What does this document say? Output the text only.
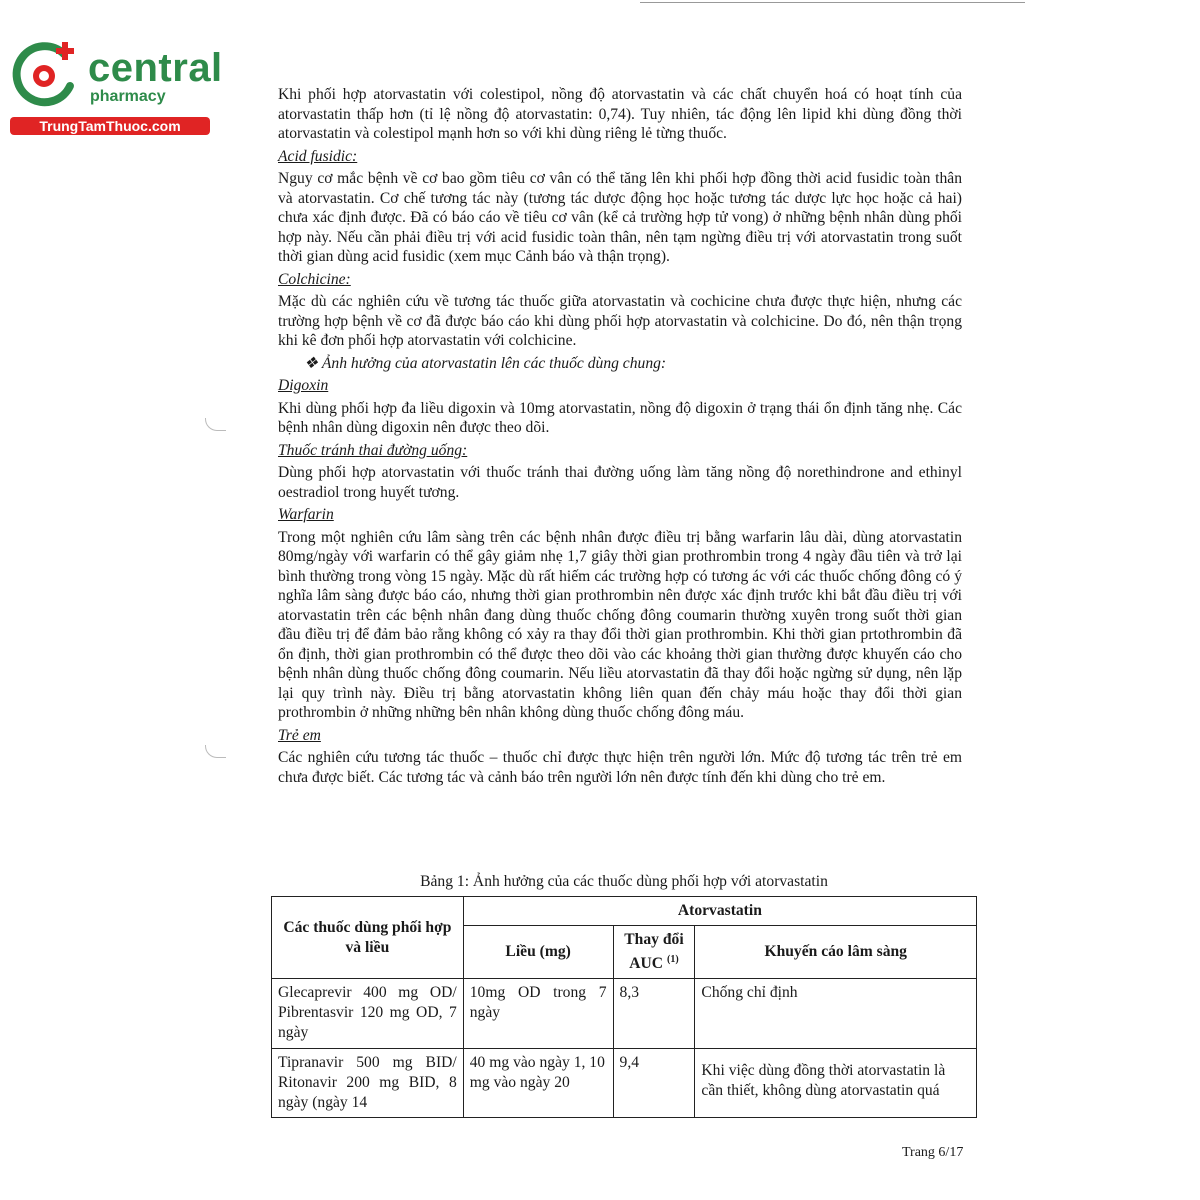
central
pharmacy
TrungTamThuoc.com

Khi phối hợp atorvastatin với colestipol, nồng độ atorvastatin và các chất chuyển hoá có hoạt tính của atorvastatin thấp hơn (tỉ lệ nồng độ atorvastatin: 0,74). Tuy nhiên, tác động lên lipid khi dùng đồng thời atorvastatin và colestipol mạnh hơn so với khi dùng riêng lẻ từng thuốc.

Acid fusidic:

Nguy cơ mắc bệnh về cơ bao gồm tiêu cơ vân có thể tăng lên khi phối hợp đồng thời acid fusidic toàn thân và atorvastatin. Cơ chế tương tác này (tương tác dược động học hoặc tương tác dược lực học hoặc cả hai) chưa xác định được. Đã có báo cáo về tiêu cơ vân (kể cả trường hợp tử vong) ở những bệnh nhân dùng phối hợp này. Nếu cần phải điều trị với acid fusidic toàn thân, nên tạm ngừng điều trị với atorvastatin trong suốt thời gian dùng acid fusidic (xem mục Cảnh báo và thận trọng).

Colchicine:

Mặc dù các nghiên cứu về tương tác thuốc giữa atorvastatin và cochicine chưa được thực hiện, nhưng các trường hợp bệnh về cơ đã được báo cáo khi dùng phối hợp atorvastatin và colchicine. Do đó, nên thận trọng khi kê đơn phối hợp atorvastatin với colchicine.

❖ Ảnh hưởng của atorvastatin lên các thuốc dùng chung:

Digoxin

Khi dùng phối hợp đa liều digoxin và 10mg atorvastatin, nồng độ digoxin ở trạng thái ổn định tăng nhẹ. Các bệnh nhân dùng digoxin nên được theo dõi.

Thuốc tránh thai đường uống:

Dùng phối hợp atorvastatin với thuốc tránh thai đường uống làm tăng nồng độ norethindrone and ethinyl oestradiol trong huyết tương.

Warfarin

Trong một nghiên cứu lâm sàng trên các bệnh nhân được điều trị bằng warfarin lâu dài, dùng atorvastatin 80mg/ngày với warfarin có thể gây giảm nhẹ 1,7 giây thời gian prothrombin trong 4 ngày đầu tiên và trở lại bình thường trong vòng 15 ngày. Mặc dù rất hiếm các trường hợp có tương ác với các thuốc chống đông có ý nghĩa lâm sàng được báo cáo, nhưng thời gian prothrombin nên được xác định trước khi bắt đầu điều trị với atorvastatin trên các bệnh nhân đang dùng thuốc chống đông coumarin thường xuyên trong suốt thời gian đầu điều trị để đảm bảo rằng không có xảy ra thay đổi thời gian prothrombin. Khi thời gian prtothrombin đã ổn định, thời gian prothrombin có thể được theo dõi vào các khoảng thời gian thường được khuyến cáo cho bệnh nhân dùng thuốc chống đông coumarin. Nếu liều atorvastatin đã thay đổi hoặc ngừng sử dụng, nên lặp lại quy trình này. Điều trị bằng atorvastatin không liên quan đến chảy máu hoặc thay đổi thời gian prothrombin ở những những bên nhân không dùng thuốc chống đông máu.

Trẻ em

Các nghiên cứu tương tác thuốc – thuốc chỉ được thực hiện trên người lớn. Mức độ tương tác trên trẻ em chưa được biết. Các tương tác và cảnh báo trên người lớn nên được tính đến khi dùng cho trẻ em.

Bảng 1: Ảnh hưởng của các thuốc dùng phối hợp với atorvastatin
Các thuốc dùng phối hợp và liều	Atorvastatin		
	Liều (mg)	Thay đổi AUC $^{(1)}$	Khuyến cáo lâm sàng
Glecaprevir 400 mg OD/ Pibrentasvir 120 mg OD, 7 ngày	10mg OD trong 7 ngày	8,3	Chống chỉ định
Tipranavir 500 mg BID/ Ritonavir 200 mg BID, 8 ngày (ngày 14	40 mg vào ngày 1, 10 mg vào ngày 20	9,4	Khi việc dùng đồng thời atorvastatin là cần thiết, không dùng atorvastatin quá
Trang 6/17
